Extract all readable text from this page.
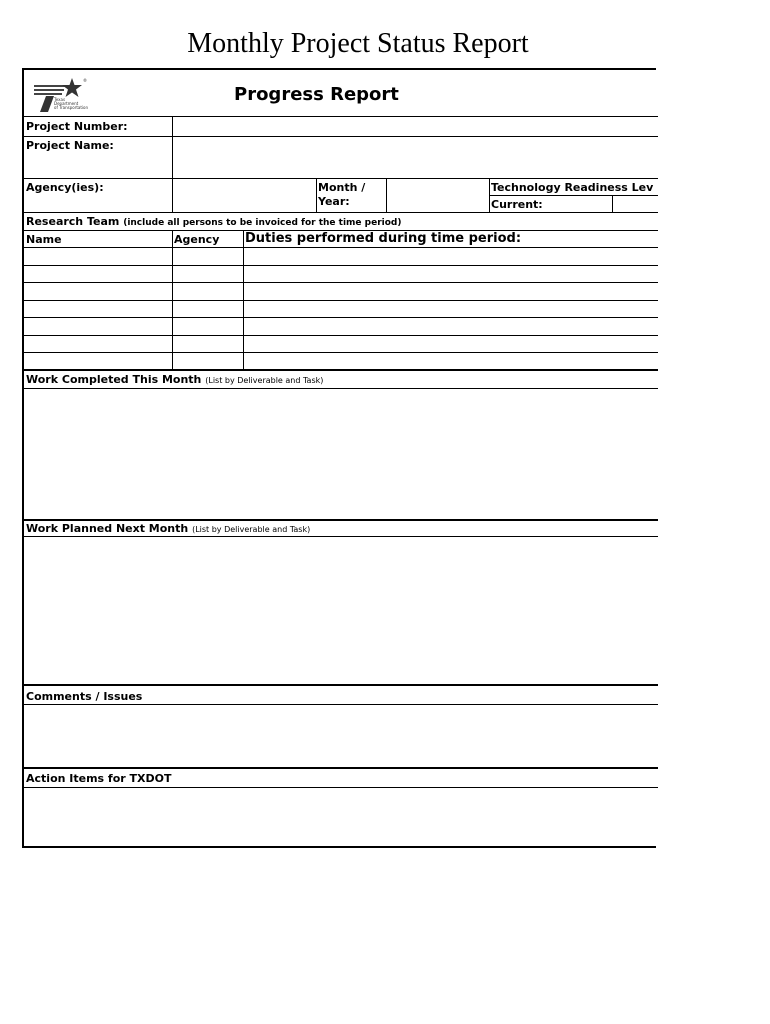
Monthly Project Status Report
®
Texas
Department
of Transportation
Progress Report
Project Number:
Project Name:
Agency(ies):	Month /
Year:
Technology Readiness Lev
Current:
Research Team (include all persons to be invoiced for the time period)
Name	Agency Duties performed during time period:
Work Completed This Month (List by Deliverable and Task)
Work Planned Next Month (List by Deliverable and Task)
Comments / Issues
Action Items for TXDOT
